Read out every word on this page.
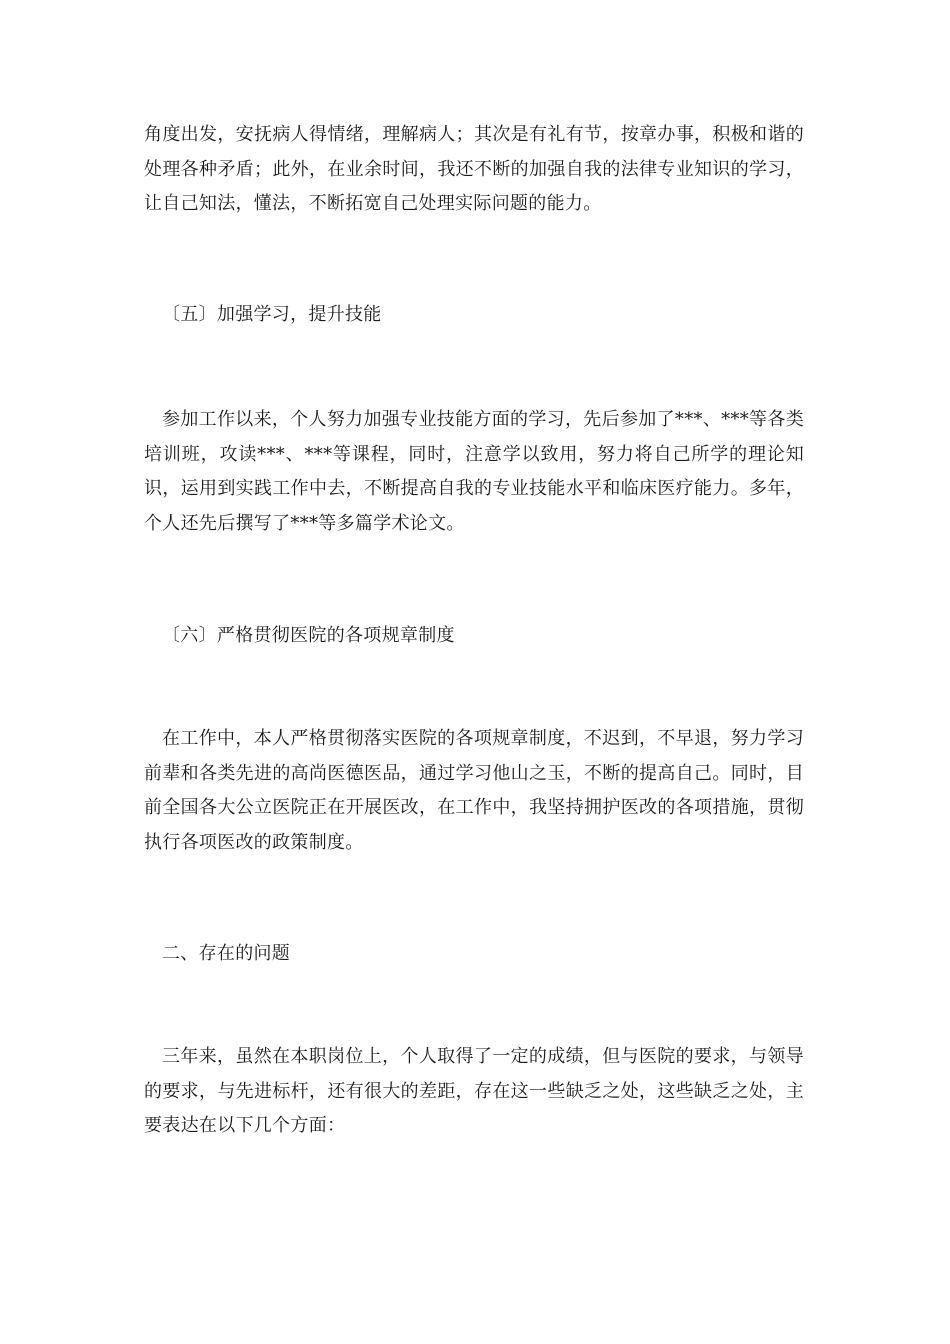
角度出发，安抚病人得情绪，理解病人；其次是有礼有节，按章办事，积极和谐的处理各种矛盾；此外，在业余时间，我还不断的加强自我的法律专业知识的学习，让自己知法，懂法，不断拓宽自己处理实际问题的能力。

〔五〕加强学习，提升技能

参加工作以来，个人努力加强专业技能方面的学习，先后参加了***、***等各类培训班，攻读***、***等课程，同时，注意学以致用，努力将自己所学的理论知识，运用到实践工作中去，不断提高自我的专业技能水平和临床医疗能力。多年，个人还先后撰写了***等多篇学术论文。

〔六〕严格贯彻医院的各项规章制度

在工作中，本人严格贯彻落实医院的各项规章制度，不迟到，不早退，努力学习前辈和各类先进的高尚医德医品，通过学习他山之玉，不断的提高自己。同时，目前全国各大公立医院正在开展医改，在工作中，我坚持拥护医改的各项措施，贯彻执行各项医改的政策制度。

二、存在的问题

三年来，虽然在本职岗位上，个人取得了一定的成绩，但与医院的要求，与领导的要求，与先进标杆，还有很大的差距，存在这一些缺乏之处，这些缺乏之处，主要表达在以下几个方面：
